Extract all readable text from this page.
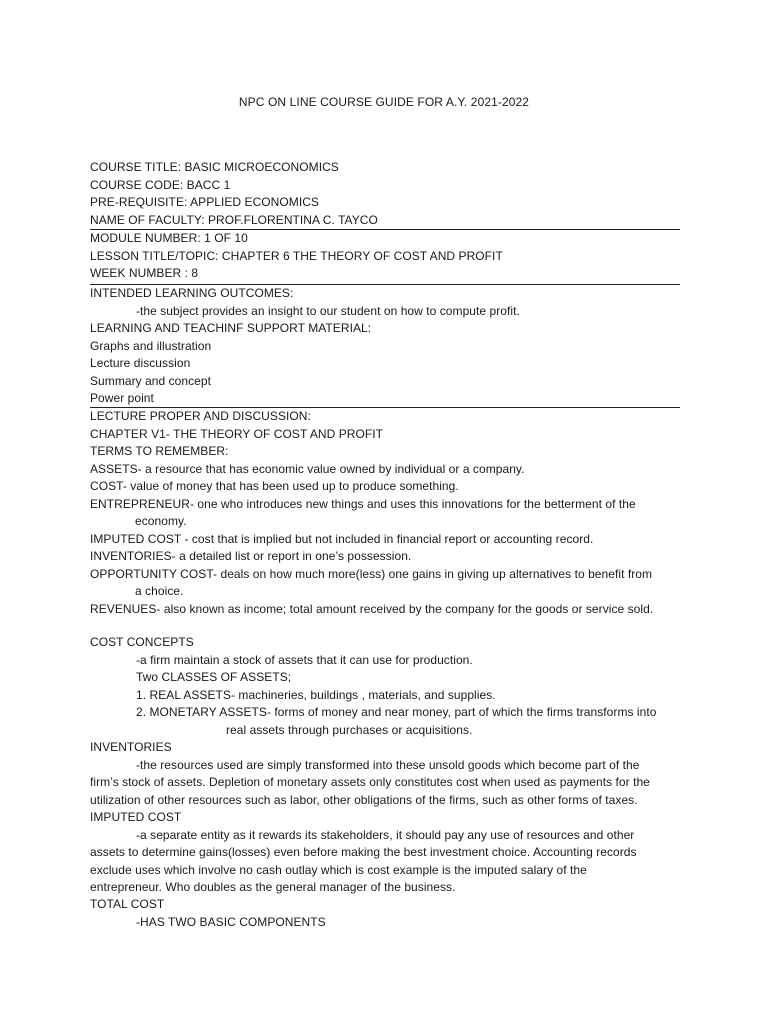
NPC ON LINE COURSE GUIDE FOR A.Y. 2021-2022
COURSE TITLE: BASIC MICROECONOMICS
COURSE CODE: BACC 1
PRE-REQUISITE: APPLIED ECONOMICS
NAME OF FACULTY: PROF.FLORENTINA C. TAYCO
MODULE NUMBER: 1 OF 10
LESSON TITLE/TOPIC: CHAPTER 6 THE THEORY OF COST AND PROFIT
WEEK NUMBER : 8
INTENDED LEARNING OUTCOMES:
-the subject provides an insight to our student on how to compute profit.
LEARNING AND TEACHINF SUPPORT MATERIAL:
Graphs and illustration
Lecture discussion
Summary and concept
Power point
LECTURE PROPER AND DISCUSSION:
CHAPTER V1- THE THEORY OF COST AND PROFIT
TERMS TO REMEMBER:
ASSETS- a resource that has economic value owned by individual or a company.
COST- value of money that has been used up to produce something.
ENTREPRENEUR- one who introduces new things and uses this innovations for the betterment of the
economy.
IMPUTED COST - cost that is implied but not included in financial report or accounting record.
INVENTORIES- a detailed list or report in one’s possession.
OPPORTUNITY COST- deals on how much more(less) one gains in giving up alternatives to benefit from
a choice.
REVENUES- also known as income; total amount received by the company for the goods or service sold.
COST CONCEPTS
-a firm maintain a stock of assets that it can use for production.
Two CLASSES OF ASSETS;
1. REAL ASSETS- machineries, buildings , materials, and supplies.
2. MONETARY ASSETS- forms of money and near money, part of which the firms transforms into
real assets through purchases or acquisitions.
INVENTORIES
-the resources used are simply transformed into these unsold goods which become part of the
firm’s stock of assets. Depletion of monetary assets only constitutes cost when used as payments for the
utilization of other resources such as labor, other obligations of the firms, such as other forms of taxes.
IMPUTED COST
-a separate entity as it rewards its stakeholders, it should pay any use of resources and other
assets to determine gains(losses) even before making the best investment choice. Accounting records
exclude uses which involve no cash outlay which is cost example is the imputed salary of the
entrepreneur. Who doubles as the general manager of the business.
TOTAL COST
-HAS TWO BASIC COMPONENTS
